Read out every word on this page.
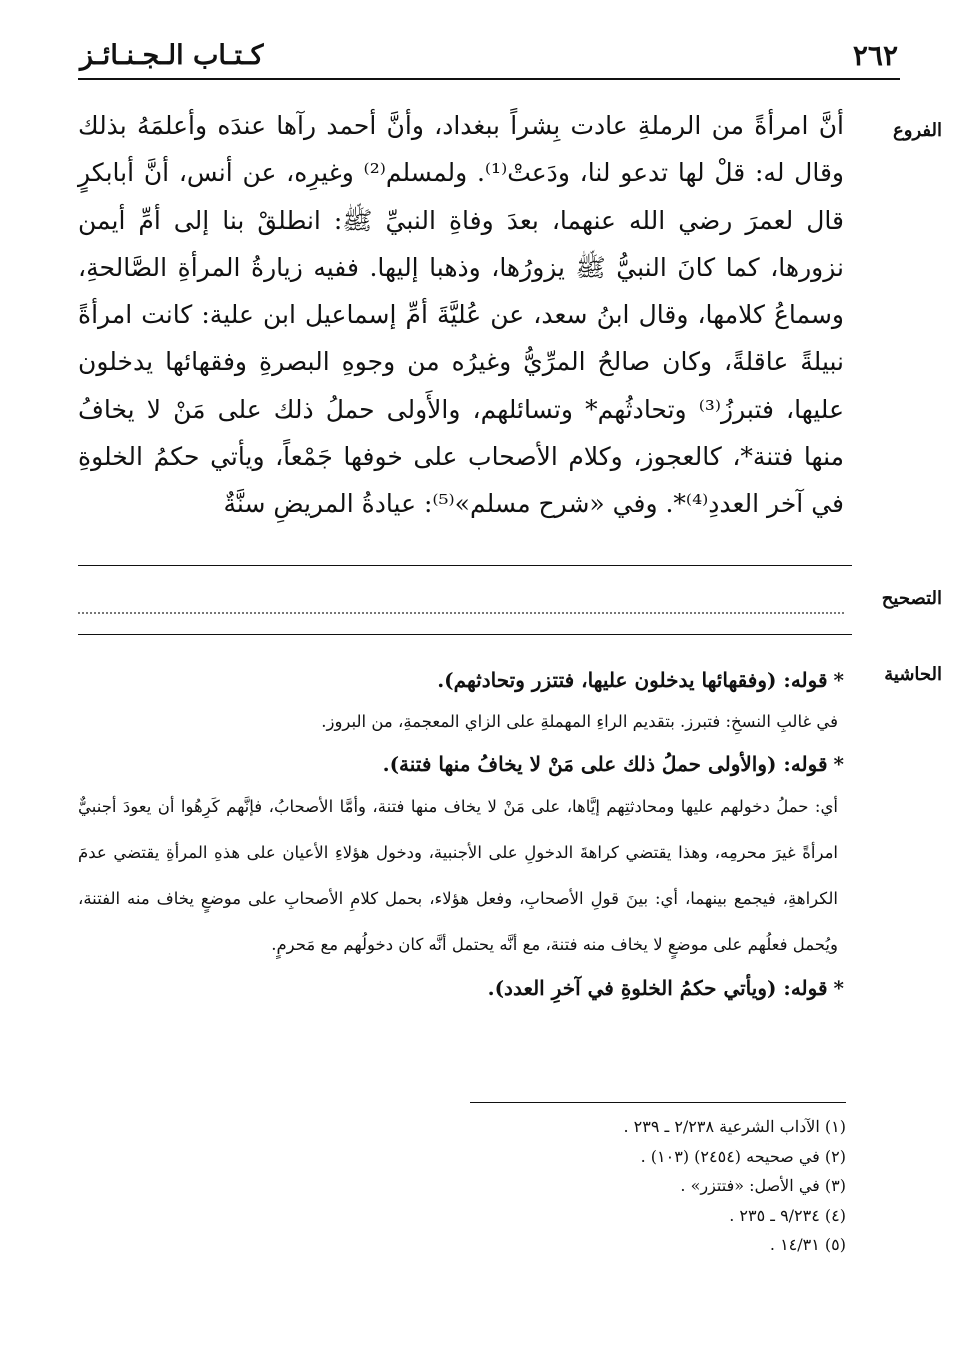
كـتـاب الـجـنـائـز	٢٦٢
الفروع

أنَّ امرأةً من الرملةِ عادت بِشراً ببغداد، وأنَّ أحمد رآها عندَه وأعلمَهُ بذلك وقال له: قلْ لها تدعو لنا، ودَعتْ⁽¹⁾. ولمسلم⁽²⁾ وغيرِه، عن أنس، أنَّ أبابكرٍ قال لعمرَ رضي الله عنهما، بعدَ وفاةِ النبيِّ ﷺ: انطلقْ بنا إلى أمِّ أيمن نزورها، كما كانَ النبيُّ ﷺ يزورُها، وذهبا إليها. ففيه زيارةُ المرأةِ الصَّالحةِ، وسماعُ كلامها، وقال ابنُ سعد، عن عُليَّةَ أمِّ إسماعيل ابن علية: كانت امرأةً نبيلةً عاقلةً، وكان صالحُ المرِّيُّ وغيرُه من وجوهِ البصرةِ وفقهائها يدخلون عليها، فتبرزُ⁽³⁾ وتحادثُهم* وتسائلهم، والأَولى حملُ ذلك على مَنْ لا يخافُ منها فتنة*، كالعجوز، وكلام الأصحاب على خوفها جَمْعاً، ويأتي حكمُ الخلوةِ في آخر العددِ⁽⁴⁾*. وفي «شرح مسلم»⁽⁵⁾: عيادةُ المريضِ سنَّةٌ

التصحيح
الحاشية

*قوله: (وفقهائها يدخلون عليها، فتتزر وتحادثهم).

في غالبِ النسخِ: فتبرز. بتقديم الراءِ المهملةِ على الزاي المعجمةِ، من البروز.

*قوله: (والأولى حملُ ذلك على مَنْ لا يخافُ منها فتنة).

أي: حملُ دخولهم عليها ومحادثتِهم إيَّاها، على مَنْ لا يخاف منها فتنة، وأمَّا الأصحابُ، فإنَّهم كَرِهُوا أن يعودَ أجنبيٌّ امرأةً غيرَ محرمِه، وهذا يقتضي كراهةَ الدخولِ على الأجنبية، ودخول هؤلاءِ الأعيان على هذهِ المرأةِ يقتضي عدمَ الكراهةِ، فيجمع بينهما، أي: بينَ قولِ الأصحابِ، وفعل هؤلاء، بحمل كلامِ الأصحابِ على موضعٍ يخاف منه الفتنة، ويُحمل فعلُهم على موضعٍ لا يخاف منه فتنة، مع أنَّه يحتمل أنَّه كان دخولُهم مع مَحرمٍ.

*قوله: (ويأتي حكمُ الخلوةِ في آخرِ العدد).

(١) الآداب الشرعية ٢/٢٣٨ ـ ٢٣٩ .
(٢) في صحيحه (٢٤٥٤) (١٠٣) .
(٣) في الأصل: «فتتزر» .
(٤) ٩/٢٣٤ ـ ٢٣٥ .
(٥) ١٤/٣١ .
